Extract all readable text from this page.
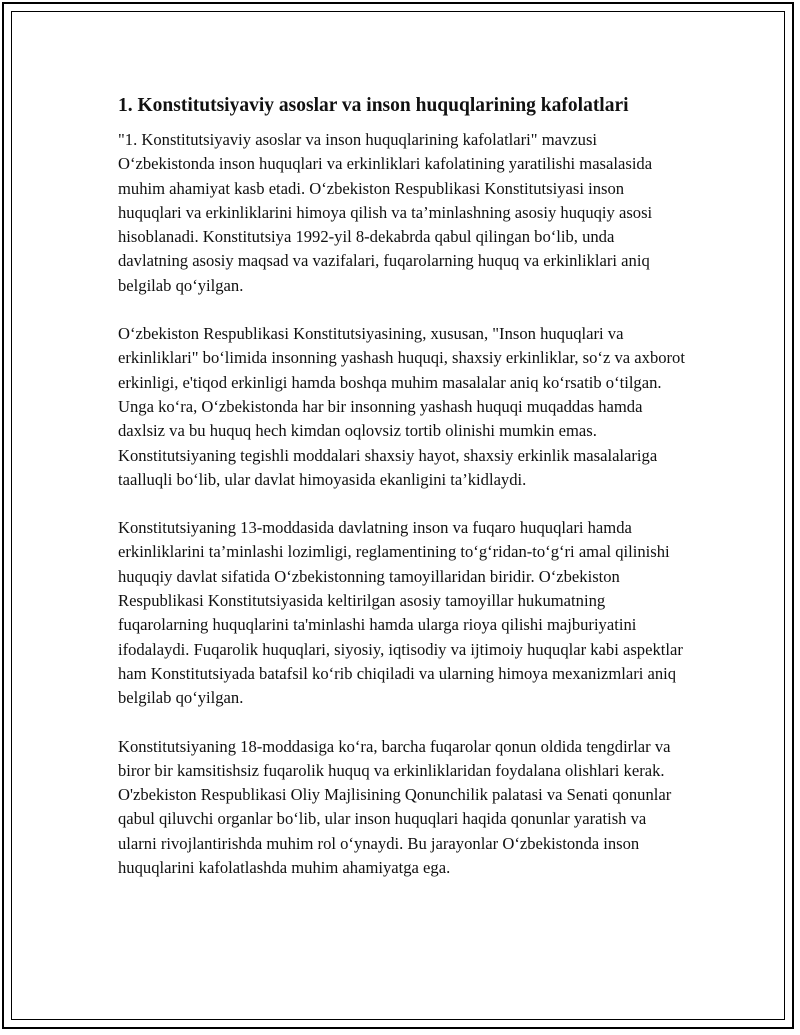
1. Konstitutsiyaviy asoslar va inson huquqlarining kafolatlari

"1. Konstitutsiyaviy asoslar va inson huquqlarining kafolatlari" mavzusi O‘zbekistonda inson huquqlari va erkinliklari kafolatining yaratilishi masalasida muhim ahamiyat kasb etadi. O‘zbekiston Respublikasi Konstitutsiyasi inson huquqlari va erkinliklarini himoya qilish va ta’minlashning asosiy huquqiy asosi hisoblanadi. Konstitutsiya 1992-yil 8-dekabrda qabul qilingan bo‘lib, unda davlatning asosiy maqsad va vazifalari, fuqarolarning huquq va erkinliklari aniq belgilab qo‘yilgan.

O‘zbekiston Respublikasi Konstitutsiyasining, xususan, "Inson huquqlari va erkinliklari" bo‘limida insonning yashash huquqi, shaxsiy erkinliklar, so‘z va axborot erkinligi, e'tiqod erkinligi hamda boshqa muhim masalalar aniq ko‘rsatib o‘tilgan. Unga ko‘ra, O‘zbekistonda har bir insonning yashash huquqi muqaddas hamda daxlsiz va bu huquq hech kimdan oqlovsiz tortib olinishi mumkin emas. Konstitutsiyaning tegishli moddalari shaxsiy hayot, shaxsiy erkinlik masalalariga taalluqli bo‘lib, ular davlat himoyasida ekanligini ta’kidlaydi.

Konstitutsiyaning 13-moddasida davlatning inson va fuqaro huquqlari hamda erkinliklarini ta’minlashi lozimligi, reglamentining to‘g‘ridan-to‘g‘ri amal qilinishi huquqiy davlat sifatida O‘zbekistonning tamoyillaridan biridir. O‘zbekiston Respublikasi Konstitutsiyasida keltirilgan asosiy tamoyillar hukumatning fuqarolarning huquqlarini ta'minlashi hamda ularga rioya qilishi majburiyatini ifodalaydi. Fuqarolik huquqlari, siyosiy, iqtisodiy va ijtimoiy huquqlar kabi aspektlar ham Konstitutsiyada batafsil ko‘rib chiqiladi va ularning himoya mexanizmlari aniq belgilab qo‘yilgan.

Konstitutsiyaning 18-moddasiga ko‘ra, barcha fuqarolar qonun oldida tengdirlar va biror bir kamsitishsiz fuqarolik huquq va erkinliklaridan foydalana olishlari kerak. O'zbekiston Respublikasi Oliy Majlisining Qonunchilik palatasi va Senati qonunlar qabul qiluvchi organlar bo‘lib, ular inson huquqlari haqida qonunlar yaratish va ularni rivojlantirishda muhim rol o‘ynaydi. Bu jarayonlar O‘zbekistonda inson huquqlarini kafolatlashda muhim ahamiyatga ega.
